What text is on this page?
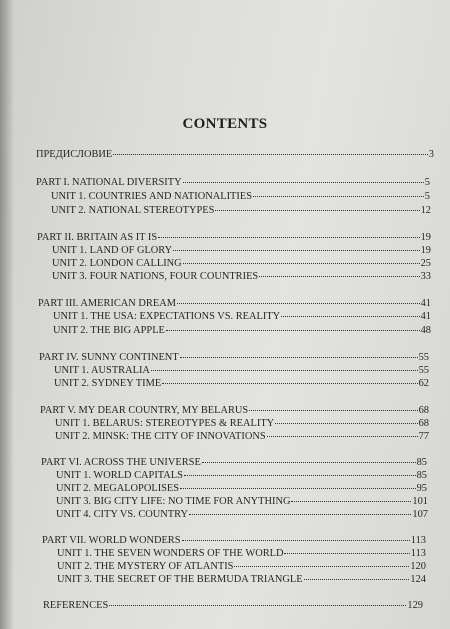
CONTENTS
ПРЕДИСЛОВИЕ	3
PART I. NATIONAL DIVERSITY	5
UNIT 1. COUNTRIES AND NATIONALITIES	5
UNIT 2. NATIONAL STEREOTYPES	12
PART II. BRITAIN AS IT IS	19
UNIT 1. LAND OF GLORY	19
UNIT 2. LONDON CALLING	25
UNIT 3. FOUR NATIONS, FOUR COUNTRIES	33
PART III. AMERICAN DREAM	41
UNIT 1. THE USA: EXPECTATIONS VS. REALITY	41
UNIT 2. THE BIG APPLE	48
PART IV. SUNNY CONTINENT	55
UNIT 1. AUSTRALIA	55
UNIT 2. SYDNEY TIME	62
PART V. MY DEAR COUNTRY, MY BELARUS	68
UNIT 1. BELARUS: STEREOTYPES & REALITY	68
UNIT 2. MINSK: THE CITY OF INNOVATIONS	77
PART VI. ACROSS THE UNIVERSE	85
UNIT 1. WORLD CAPITALS	85
UNIT 2. MEGALOPOLISES	95
UNIT 3. BIG CITY LIFE: NO TIME FOR ANYTHING	101
UNIT 4. CITY VS. COUNTRY	107
PART VII. WORLD WONDERS	113
UNIT 1. THE SEVEN WONDERS OF THE WORLD	113
UNIT 2. THE MYSTERY OF ATLANTIS	120
UNIT 3. THE SECRET OF THE BERMUDA TRIANGLE	124
REFERENCES	129
